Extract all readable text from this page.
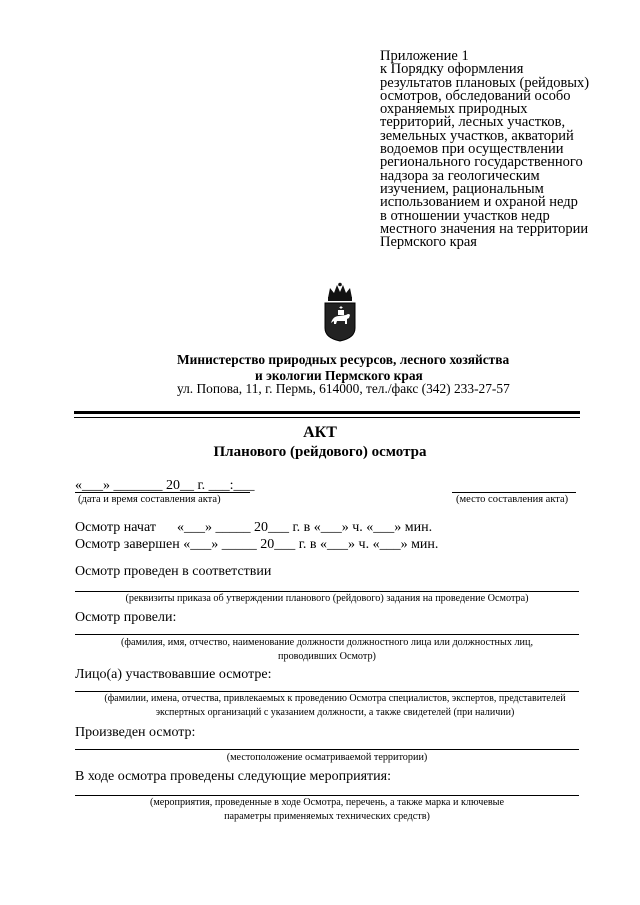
Приложение 1
к Порядку оформления
результатов плановых (рейдовых)
осмотров, обследований особо
охраняемых природных
территорий, лесных участков,
земельных участков, акваторий
водоемов при осуществлении
регионального государственного
надзора за геологическим
изучением, рациональным
использованием и охраной недр
в отношении участков недр
местного значения на территории
Пермского края
Министерство природных ресурсов, лесного хозяйства
и экологии Пермского края
ул. Попова, 11, г. Пермь, 614000, тел./факс (342) 233-27-57
АКТ
Планового (рейдового) осмотра
«___» _______ 20__ г. ___:___
(дата и время составления акта)	(место составления акта)
Осмотр начат      «___» _____ 20___ г. в «___» ч. «___» мин.
Осмотр завершен «___» _____ 20___ г. в «___» ч. «___» мин.
Осмотр проведен в соответствии
(реквизиты приказа об утверждении планового (рейдового) задания на проведение Осмотра)
Осмотр провели:
(фамилия, имя, отчество, наименование должности должностного лица или должностных лиц,
проводивших Осмотр)
Лицо(а) участвовавшие осмотре:
(фамилии, имена, отчества, привлекаемых к проведению Осмотра специалистов, экспертов, представителей
экспертных организаций с указанием должности, а также свидетелей (при наличии)
Произведен осмотр:
(местоположение осматриваемой территории)
В ходе осмотра проведены следующие мероприятия:
(мероприятия, проведенные в ходе Осмотра, перечень, а также марка и ключевые
параметры применяемых технических средств)
